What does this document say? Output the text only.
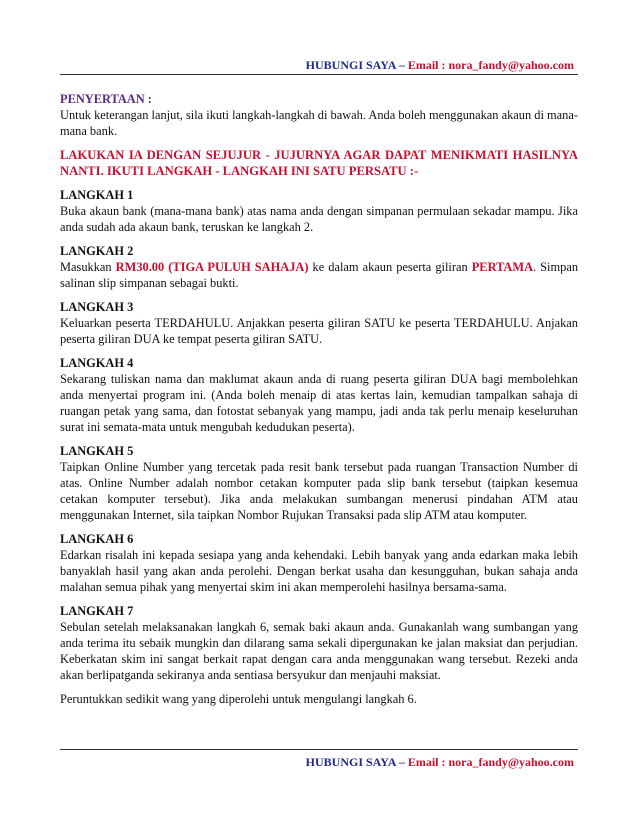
HUBUNGI SAYA – Email : nora_fandy@yahoo.com

PENYERTAAN :

Untuk keterangan lanjut, sila ikuti langkah-langkah di bawah. Anda boleh menggunakan akaun di mana-mana bank.

LAKUKAN IA DENGAN SEJUJUR - JUJURNYA AGAR DAPAT MENIKMATI HASILNYA NANTI. IKUTI LANGKAH - LANGKAH INI SATU PERSATU :-

LANGKAH 1

Buka akaun bank (mana-mana bank) atas nama anda dengan simpanan permulaan sekadar mampu. Jika anda sudah ada akaun bank, teruskan ke langkah 2.

LANGKAH 2

Masukkan RM30.00 (TIGA PULUH SAHAJA) ke dalam akaun peserta giliran PERTAMA. Simpan salinan slip simpanan sebagai bukti.

LANGKAH 3

Keluarkan peserta TERDAHULU. Anjakkan peserta giliran SATU ke peserta TERDAHULU. Anjakan peserta giliran DUA ke tempat peserta giliran SATU.

LANGKAH 4

Sekarang tuliskan nama dan maklumat akaun anda di ruang peserta giliran DUA bagi membolehkan anda menyertai program ini. (Anda boleh menaip di atas kertas lain, kemudian tampalkan sahaja di ruangan petak yang sama, dan fotostat sebanyak yang mampu, jadi anda tak perlu menaip keseluruhan surat ini semata-mata untuk mengubah kedudukan peserta).

LANGKAH 5

Taipkan Online Number yang tercetak pada resit bank tersebut pada ruangan Transaction Number di atas. Online Number adalah nombor cetakan komputer pada slip bank tersebut (taipkan kesemua cetakan komputer tersebut). Jika anda melakukan sumbangan menerusi pindahan ATM atau menggunakan Internet, sila taipkan Nombor Rujukan Transaksi pada slip ATM atau komputer.

LANGKAH 6

Edarkan risalah ini kepada sesiapa yang anda kehendaki. Lebih banyak yang anda edarkan maka lebih banyaklah hasil yang akan anda perolehi. Dengan berkat usaha dan kesungguhan, bukan sahaja anda malahan semua pihak yang menyertai skim ini akan memperolehi hasilnya bersama-sama.

LANGKAH 7

Sebulan setelah melaksanakan langkah 6, semak baki akaun anda. Gunakanlah wang sumbangan yang anda terima itu sebaik mungkin dan dilarang sama sekali dipergunakan ke jalan maksiat dan perjudian. Keberkatan skim ini sangat berkait rapat dengan cara anda menggunakan wang tersebut. Rezeki anda akan berlipatganda sekiranya anda sentiasa bersyukur dan menjauhi maksiat.

Peruntukkan sedikit wang yang diperolehi untuk mengulangi langkah 6.

HUBUNGI SAYA – Email : nora_fandy@yahoo.com
